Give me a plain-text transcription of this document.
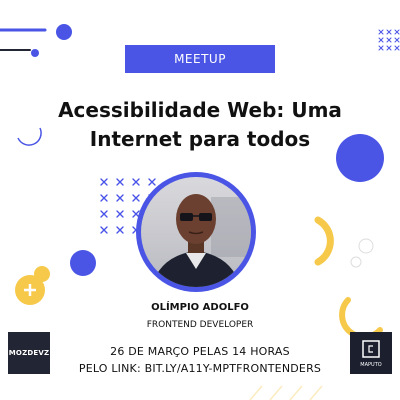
MEETUP
Acessibilidade Web: Uma
Internet para todos
OLÍMPIO ADOLFO
FRONTEND DEVELOPER
26 DE MARÇO PELAS 14 HORAS
PELO LINK: BIT.LY/A11Y-MPTFRONTENDERS
MOZDEVZ
MAPUTO
